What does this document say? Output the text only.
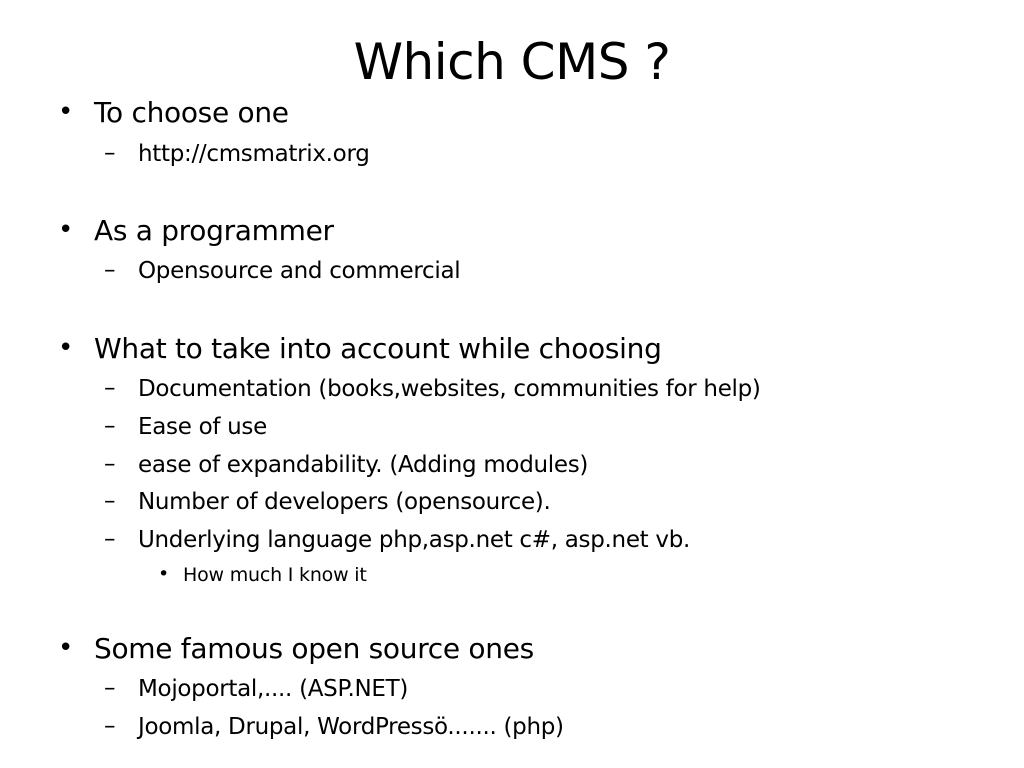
Which CMS ?
• To choose one
– http://cmsmatrix.org
• As a programmer
– Opensource and commercial
• What to take into account while choosing
– Documentation (books,websites, communities for help)
– Ease of use
– ease of expandability. (Adding modules)
– Number of developers (opensource).
– Underlying language php,asp.net c#, asp.net vb.
• How much I know it
• Some famous open source ones
– Mojoportal,.... (ASP.NET)
– Joomla, Drupal, WordPressö....... (php)
